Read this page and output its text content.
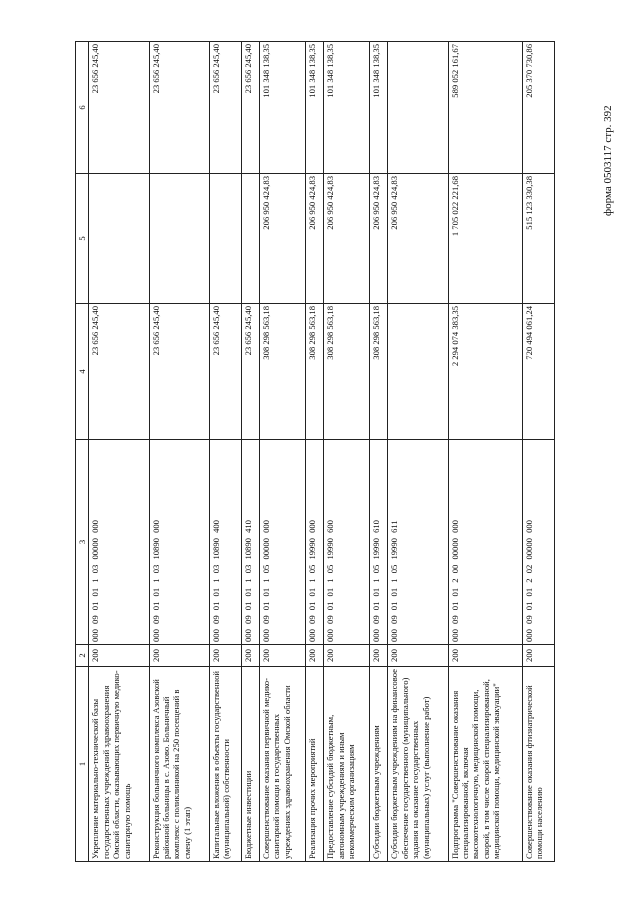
форма 0503117 стр. 392
1	2	3	4	5	6
Укрепление материально-технической базы государственных учреждений здравоохранения Омской области, оказывающих первичную медико-санитарную помощь	200	000 09 01 01 1 03 00000 000	23 656 245,40		23 656 245,40
Реконструкция больничного комплекса Азовской районной больницы в с. Азово. Больничный комплекс с поликлиникой на 250 посещений в смену (1 этап)	200	000 09 01 01 1 03 10890 000	23 656 245,40		23 656 245,40
Капитальные вложения в объекты государственной (муниципальной) собственности	200	000 09 01 01 1 03 10890 400	23 656 245,40		23 656 245,40
Бюджетные инвестиции	200	000 09 01 01 1 03 10890 410	23 656 245,40		23 656 245,40
Совершенствование оказания первичной медико-санитарной помощи в государственных учреждениях здравоохранения Омской области	200	000 09 01 01 1 05 00000 000	308 298 563,18	206 950 424,83	101 348 138,35
Реализация прочих мероприятий	200	000 09 01 01 1 05 19990 000	308 298 563,18	206 950 424,83	101 348 138,35
Предоставление субсидий бюджетным, автономным учреждениям и иным некоммерческим организациям	200	000 09 01 01 1 05 19990 600	308 298 563,18	206 950 424,83	101 348 138,35
Субсидии бюджетным учреждениям	200	000 09 01 01 1 05 19990 610	308 298 563,18	206 950 424,83	101 348 138,35
Субсидии бюджетным учреждениям на финансовое обеспечение государственного (муниципального) задания на оказание государственных (муниципальных) услуг (выполнение работ)	200	000 09 01 01 1 05 19990 611		206 950 424,83	
Подпрограмма "Совершенствование оказания специализированной, включая высокотехнологичную, медицинской помощи, скорой, в том числе скорой специализированной, медицинской помощи, медицинской эвакуации"	200	000 09 01 01 2 00 00000 000	2 294 074 383,35	1 705 022 221,68	589 052 161,67
Совершенствование оказания фтизиатрической помощи населению	200	000 09 01 01 2 02 00000 000	720 494 061,24	515 123 330,38	205 370 730,86
